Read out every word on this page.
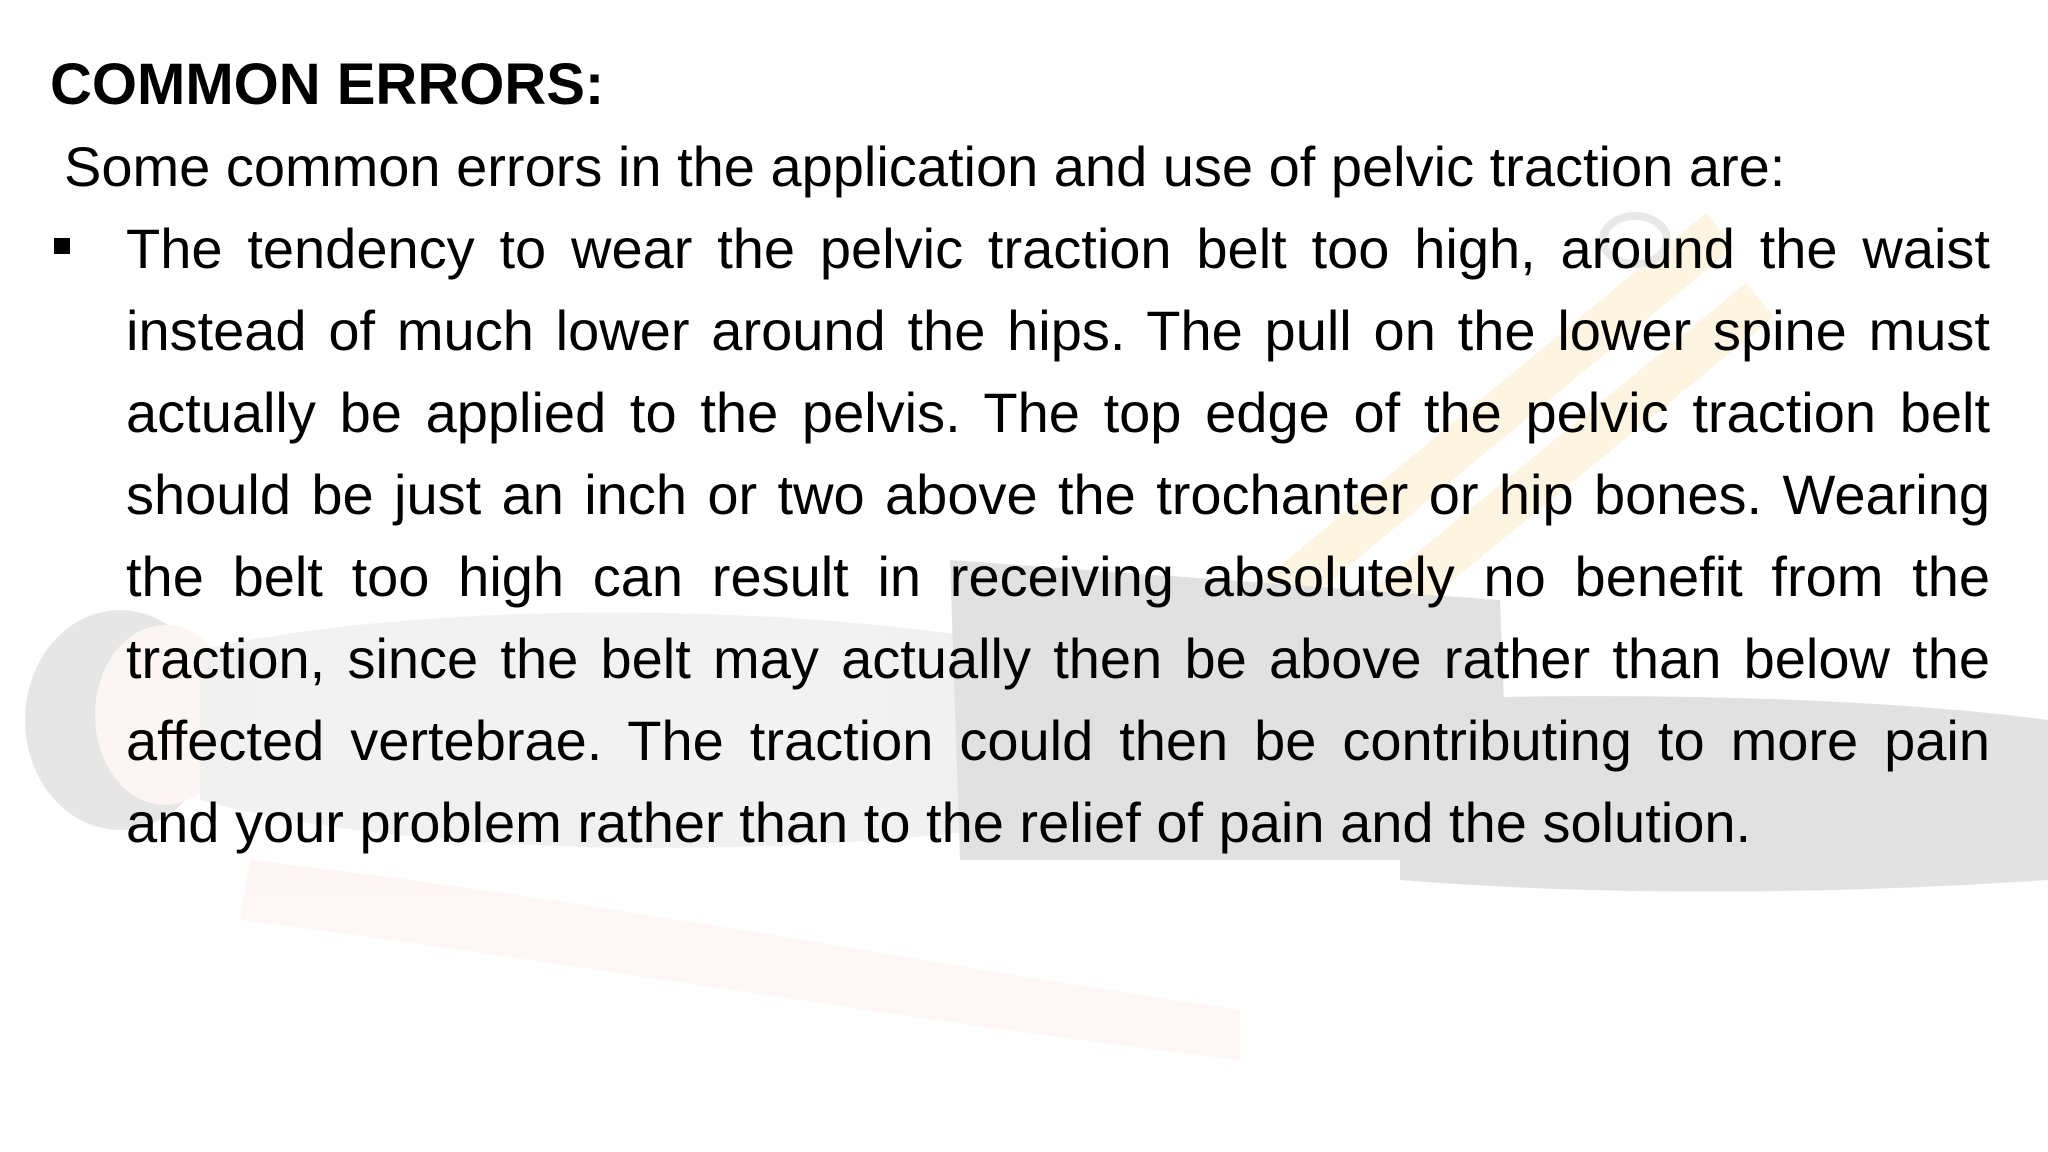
COMMON ERRORS:

Some common errors in the application and use of pelvic traction are:

The tendency to wear the pelvic traction belt too high, around the waist instead of much lower around the hips. The pull on the lower spine must actually be applied to the pelvis. The top edge of the pelvic traction belt should be just an inch or two above the trochanter or hip bones. Wearing the belt too high can result in receiving absolutely no benefit from the traction, since the belt may actually then be above rather than below the affected vertebrae. The traction could then be contributing to more pain and your problem rather than to the relief of pain and the solution.
